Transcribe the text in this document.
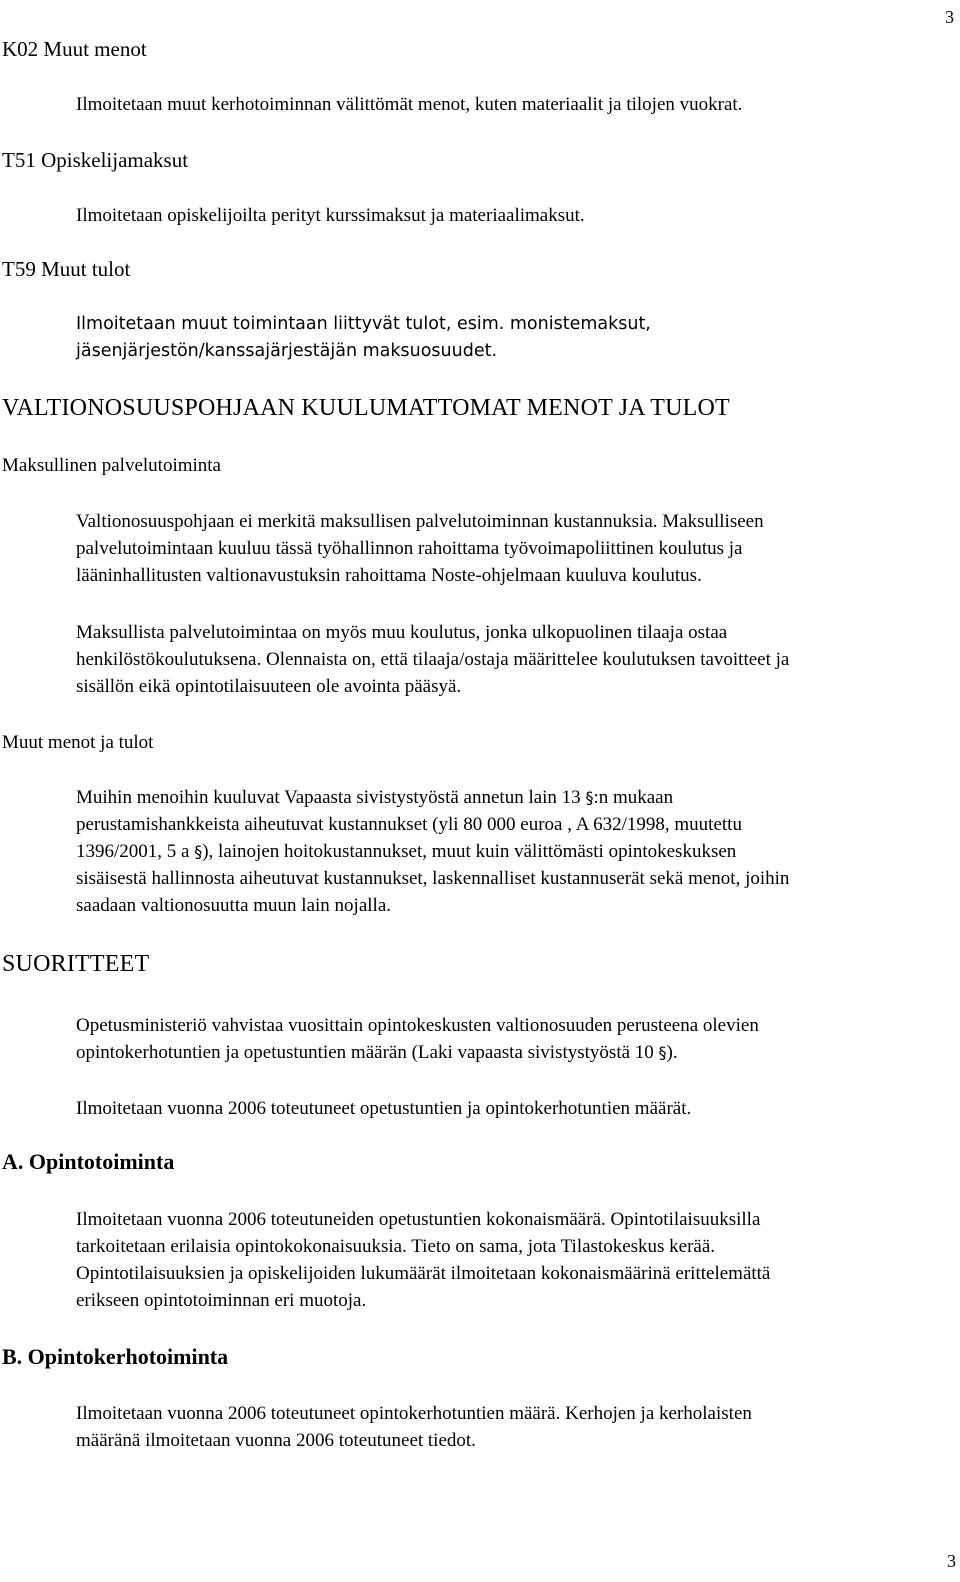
3
K02 Muut menot

Ilmoitetaan muut kerhotoiminnan välittömät menot, kuten materiaalit ja tilojen vuokrat.

T51 Opiskelijamaksut

Ilmoitetaan opiskelijoilta perityt kurssimaksut ja materiaalimaksut.

T59 Muut tulot
Ilmoitetaan muut toimintaan liittyvät tulot, esim. monistemaksut,
jäsenjärjestön/kanssajärjestäjän maksuosuudet.
VALTIONOSUUSPOHJAAN KUULUMATTOMAT MENOT JA TULOT
Maksullinen palvelutoiminta
Valtionosuuspohjaan ei merkitä maksullisen palvelutoiminnan kustannuksia. Maksulliseen
palvelutoimintaan kuuluu tässä työhallinnon rahoittama työvoimapoliittinen koulutus ja
lääninhallitusten valtionavustuksin rahoittama Noste-ohjelmaan kuuluva koulutus.
Maksullista palvelutoimintaa on myös muu koulutus, jonka ulkopuolinen tilaaja ostaa
henkilöstökoulutuksena. Olennaista on, että tilaaja/ostaja määrittelee koulutuksen tavoitteet ja
sisällön eikä opintotilaisuuteen ole avointa pääsyä.
Muut menot ja tulot
Muihin menoihin kuuluvat Vapaasta sivistystyöstä annetun lain 13 §:n mukaan
perustamishankkeista aiheutuvat kustannukset (yli 80 000 euroa , A 632/1998, muutettu
1396/2001, 5 a §), lainojen hoitokustannukset, muut kuin välittömästi opintokeskuksen
sisäisestä hallinnosta aiheutuvat kustannukset, laskennalliset kustannuserät sekä menot, joihin
saadaan valtionosuutta muun lain nojalla.
SUORITTEET
Opetusministeriö vahvistaa vuosittain opintokeskusten valtionosuuden perusteena olevien
opintokerhotuntien ja opetustuntien määrän (Laki vapaasta sivistystyöstä 10 §).

Ilmoitetaan vuonna 2006 toteutuneet opetustuntien ja opintokerhotuntien määrät.

A. Opintotoiminta
Ilmoitetaan vuonna 2006 toteutuneiden opetustuntien kokonaismäärä. Opintotilaisuuksilla
tarkoitetaan erilaisia opintokokonaisuuksia. Tieto on sama, jota Tilastokeskus kerää.
Opintotilaisuuksien ja opiskelijoiden lukumäärät ilmoitetaan kokonaismäärinä erittelemättä
erikseen opintotoiminnan eri muotoja.
B. Opintokerhotoiminta
Ilmoitetaan vuonna 2006 toteutuneet opintokerhotuntien määrä. Kerhojen ja kerholaisten
määränä ilmoitetaan vuonna 2006 toteutuneet tiedot.
3
